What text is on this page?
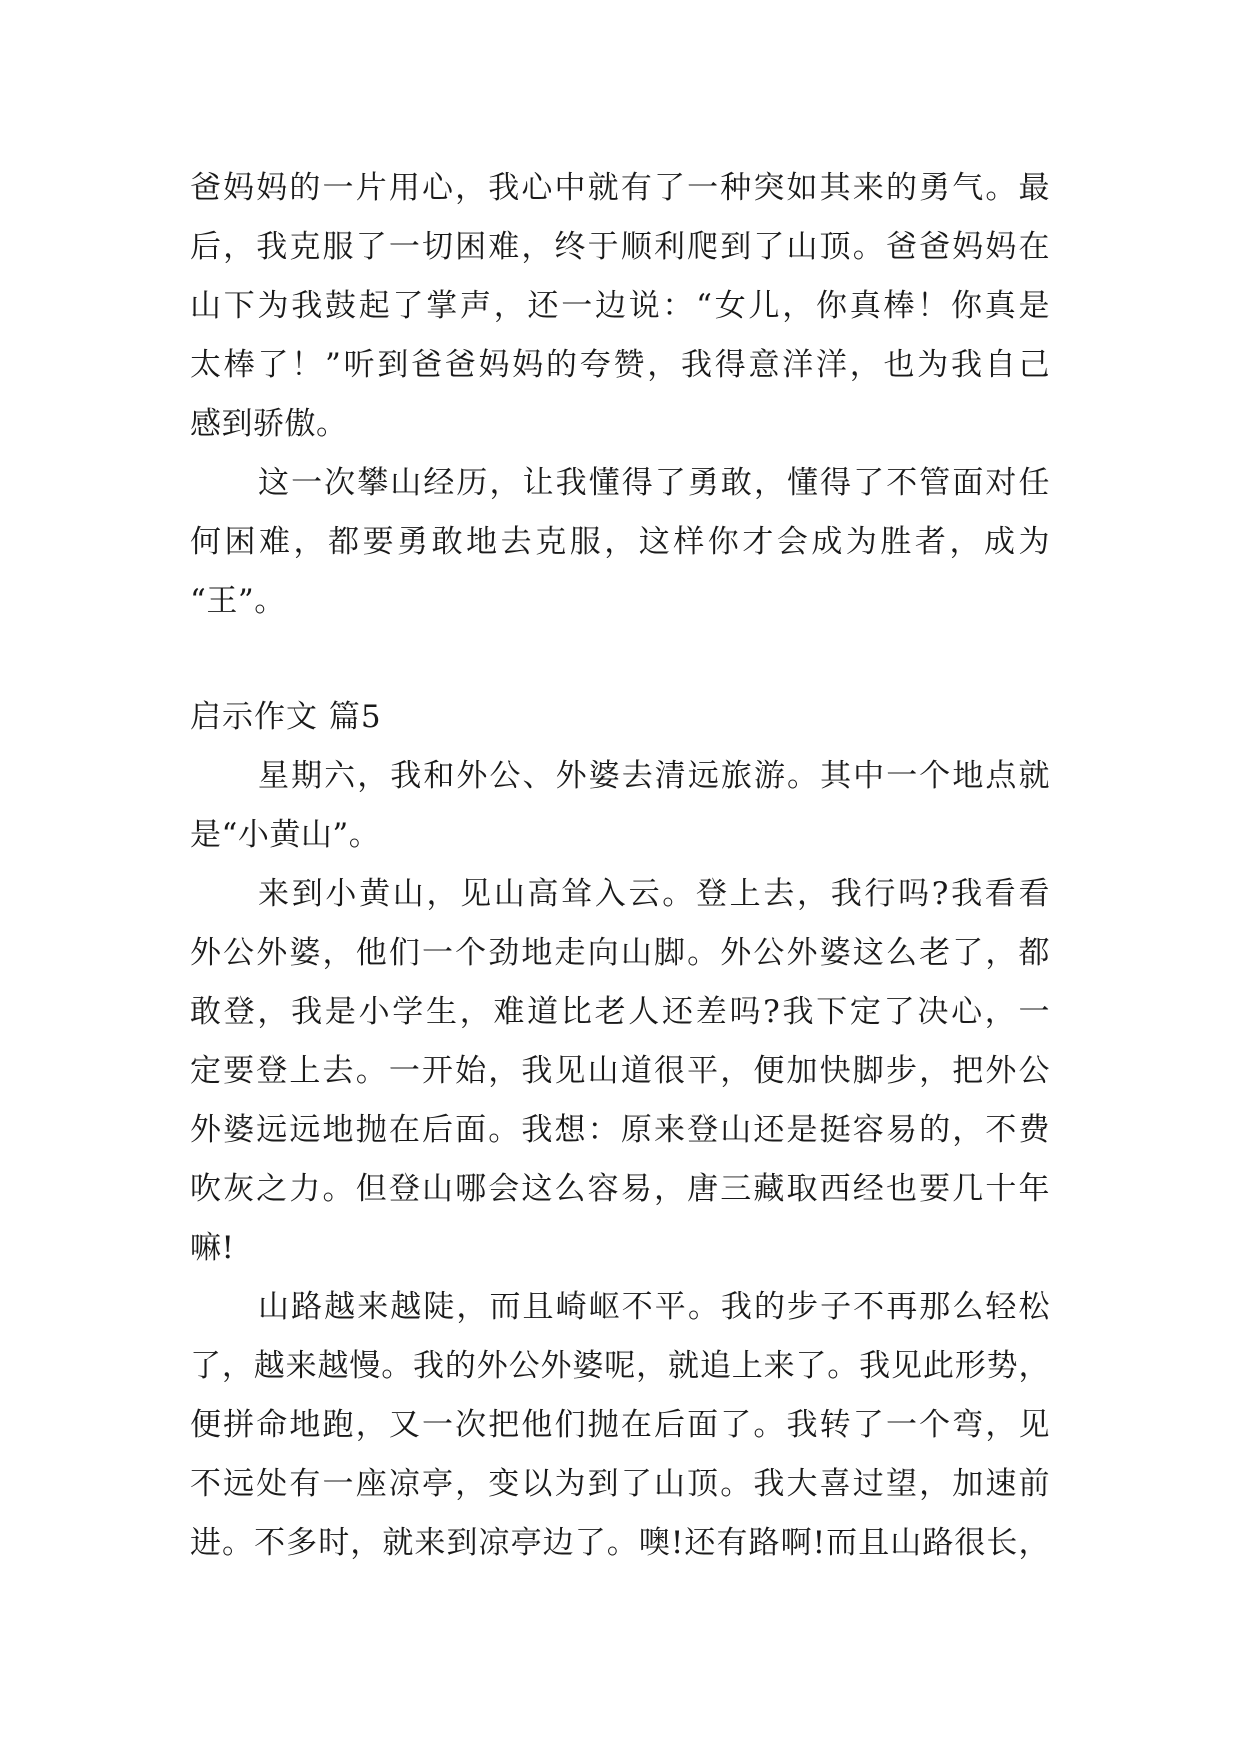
爸妈妈的一片用心，我心中就有了一种突如其来的勇气。最
后，我克服了一切困难，终于顺利爬到了山顶。爸爸妈妈在
山下为我鼓起了掌声，还一边说：“女儿，你真棒！你真是
太棒了！”听到爸爸妈妈的夸赞，我得意洋洋，也为我自己
感到骄傲。
这一次攀山经历，让我懂得了勇敢，懂得了不管面对任
何困难，都要勇敢地去克服，这样你才会成为胜者，成为
“王”。
启示作文 篇5
星期六，我和外公、外婆去清远旅游。其中一个地点就
是“小黄山”。
来到小黄山，见山高耸入云。登上去，我行吗?我看看
外公外婆，他们一个劲地走向山脚。外公外婆这么老了，都
敢登，我是小学生，难道比老人还差吗?我下定了决心，一
定要登上去。一开始，我见山道很平，便加快脚步，把外公
外婆远远地抛在后面。我想：原来登山还是挺容易的，不费
吹灰之力。但登山哪会这么容易，唐三藏取西经也要几十年
嘛!
山路越来越陡，而且崎岖不平。我的步子不再那么轻松
了，越来越慢。我的外公外婆呢，就追上来了。我见此形势，
便拼命地跑，又一次把他们抛在后面了。我转了一个弯，见
不远处有一座凉亭，变以为到了山顶。我大喜过望，加速前
进。不多时，就来到凉亭边了。噢!还有路啊!而且山路很长，
